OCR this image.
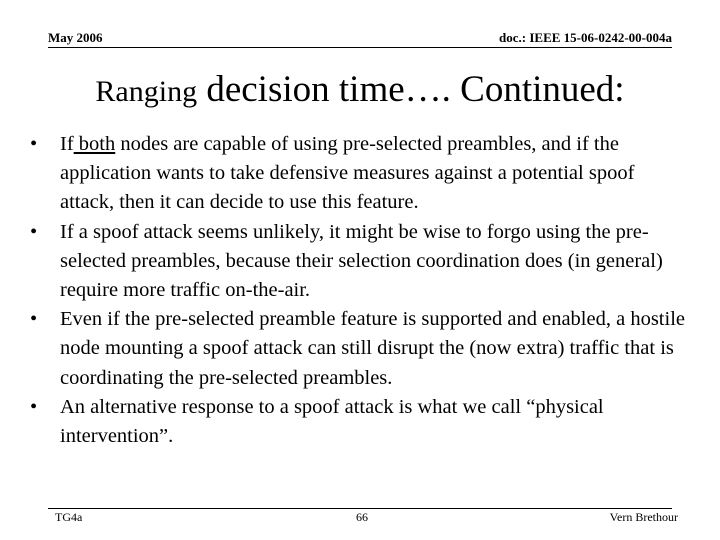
May 2006	doc.: IEEE 15-06-0242-00-004a
Ranging decision time…. Continued:
• If both nodes are capable of using pre-selected preambles, and if the application wants to take defensive measures against a potential spoof attack, then it can decide to use this feature.
• If a spoof attack seems unlikely, it might be wise to forgo using the pre-selected preambles, because their selection coordination does (in general) require more traffic on-the-air.
• Even if the pre-selected preamble feature is supported and enabled, a hostile node mounting a spoof attack can still disrupt the (now extra) traffic that is coordinating the pre-selected preambles.
• An alternative response to a spoof attack is what we call “physical intervention”.
TG4a	66	Vern Brethour
